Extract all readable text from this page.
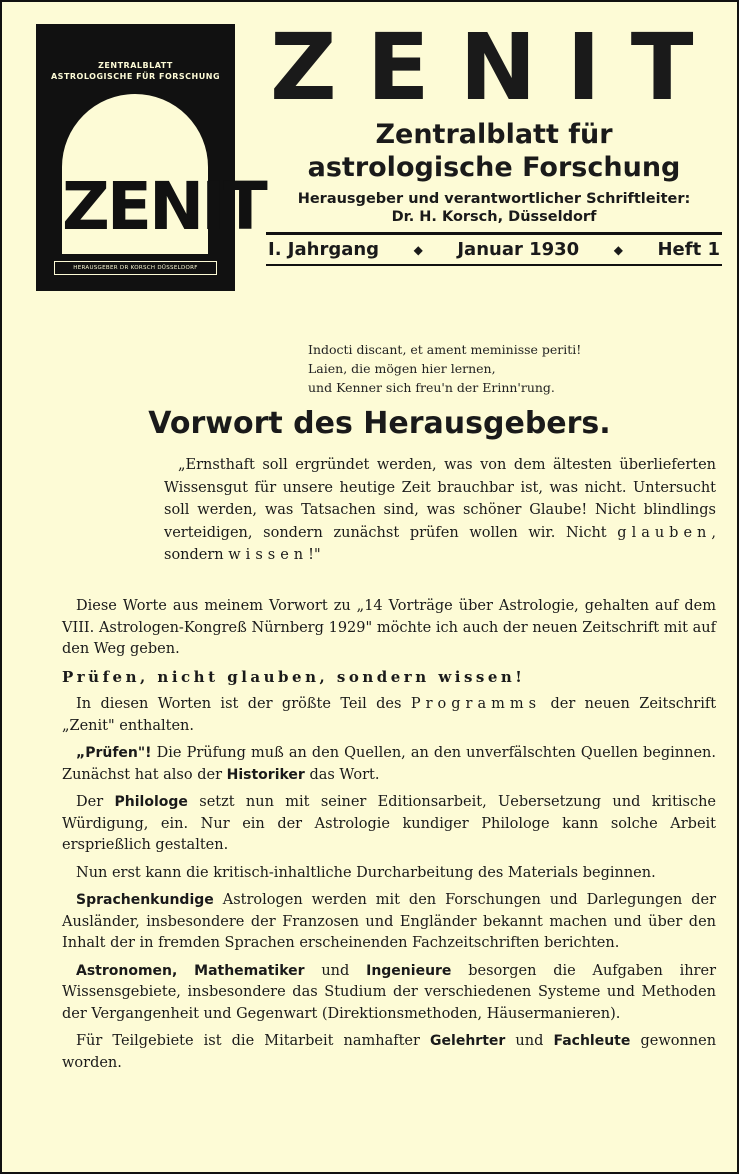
ZENTRALBLATT
ASTROLOGISCHE FÜR FORSCHUNG
ZENIT
HERAUSGEBER DR KORSCH DÜSSELDORF
ZENIT
Zentralblatt für
astrologische Forschung
Herausgeber und verantwortlicher Schriftleiter:
Dr. H. Korsch, Düsseldorf
I. Jahrgang	◆ Januar 1930	◆ Heft 1
Indocti discant, et ament meminisse periti!
Laien, die mögen hier lernen,
und Kenner sich freu'n der Erinn'rung.
Vorwort des Herausgebers.
„Ernsthaft soll ergründet werden, was von dem ältesten überlieferten Wissensgut für unsere heutige Zeit brauchbar ist, was nicht. Untersucht soll werden, was Tatsachen sind, was schöner Glaube! Nicht blindlings verteidigen, sondern zunächst prüfen wollen wir. Nicht glauben, sondern wissen!"

Diese Worte aus meinem Vorwort zu „14 Vorträge über Astrologie, gehalten auf dem VIII. Astrologen-Kongreß Nürnberg 1929" möchte ich auch der neuen Zeitschrift mit auf den Weg geben.

Prüfen, nicht glauben, sondern wissen!

In diesen Worten ist der größte Teil des Programms der neuen Zeitschrift „Zenit" enthalten.

„Prüfen"! Die Prüfung muß an den Quellen, an den unverfälschten Quellen beginnen. Zunächst hat also der Historiker das Wort.

Der Philologe setzt nun mit seiner Editionsarbeit, Uebersetzung und kritische Würdigung, ein. Nur ein der Astrologie kundiger Philologe kann solche Arbeit ersprießlich gestalten.

Nun erst kann die kritisch-inhaltliche Durcharbeitung des Materials beginnen.

Sprachenkundige Astrologen werden mit den Forschungen und Darlegungen der Ausländer, insbesondere der Franzosen und Engländer bekannt machen und über den Inhalt der in fremden Sprachen erscheinenden Fachzeitschriften berichten.

Astronomen, Mathematiker und Ingenieure besorgen die Aufgaben ihrer Wissensgebiete, insbesondere das Studium der verschiedenen Systeme und Methoden der Vergangenheit und Gegenwart (Direktionsmethoden, Häusermanieren).

Für Teilgebiete ist die Mitarbeit namhafter Gelehrter und Fachleute gewonnen worden.
